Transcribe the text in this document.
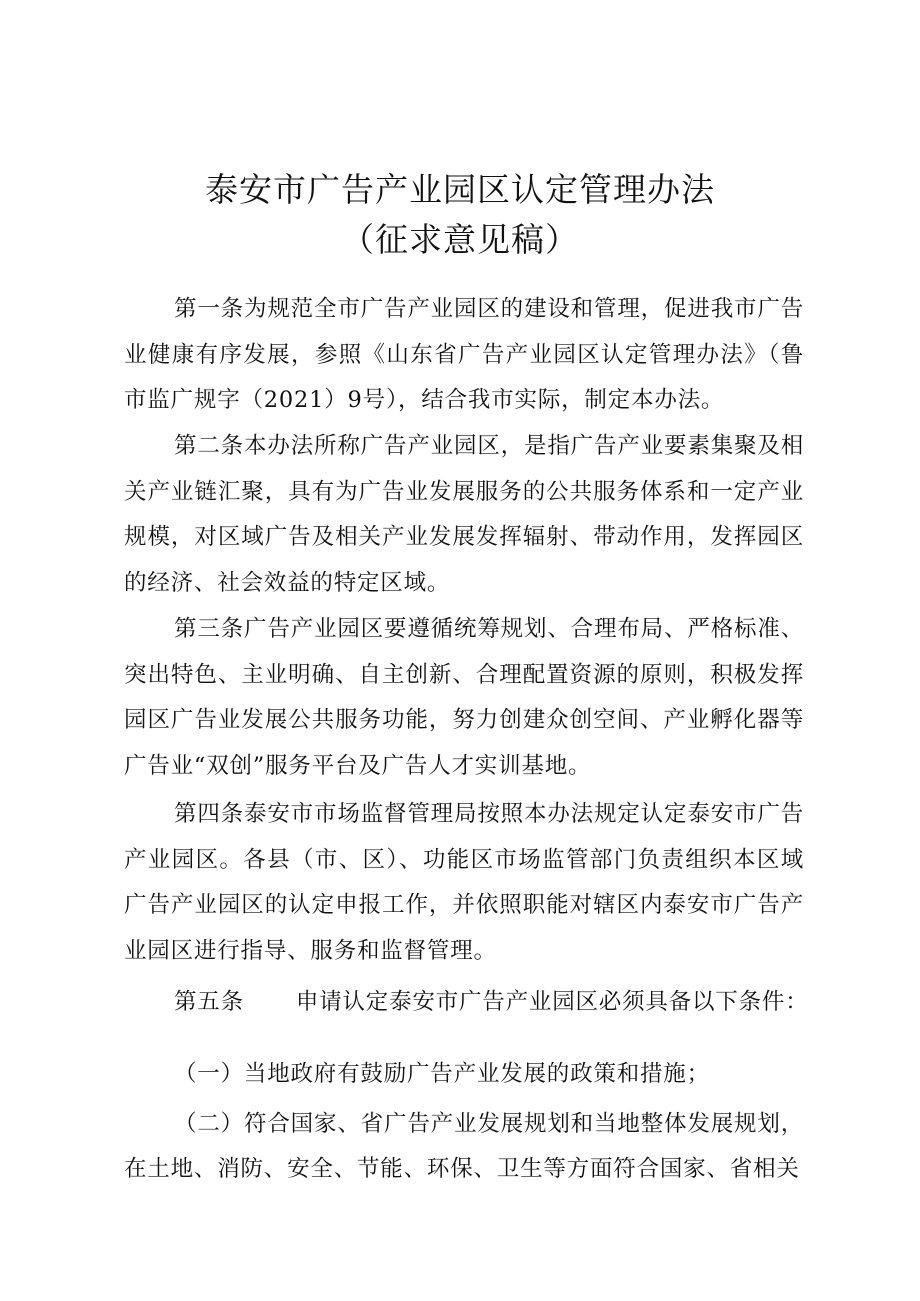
泰安市广告产业园区认定管理办法
（征求意见稿）

第一条为规范全市广告产业园区的建设和管理，促进我市广告业健康有序发展，参照《山东省广告产业园区认定管理办法》（鲁市监广规字（2021）9号），结合我市实际，制定本办法。

第二条本办法所称广告产业园区，是指广告产业要素集聚及相关产业链汇聚，具有为广告业发展服务的公共服务体系和一定产业规模，对区域广告及相关产业发展发挥辐射、带动作用，发挥园区的经济、社会效益的特定区域。

第三条广告产业园区要遵循统筹规划、合理布局、严格标准、突出特色、主业明确、自主创新、合理配置资源的原则，积极发挥园区广告业发展公共服务功能，努力创建众创空间、产业孵化器等广告业“双创”服务平台及广告人才实训基地。

第四条泰安市市场监督管理局按照本办法规定认定泰安市广告产业园区。各县（市、区）、功能区市场监管部门负责组织本区域广告产业园区的认定申报工作，并依照职能对辖区内泰安市广告产业园区进行指导、服务和监督管理。

第五条 申请认定泰安市广告产业园区必须具备以下条件：

（一）当地政府有鼓励广告产业发展的政策和措施；

（二）符合国家、省广告产业发展规划和当地整体发展规划，在土地、消防、安全、节能、环保、卫生等方面符合国家、省相关
